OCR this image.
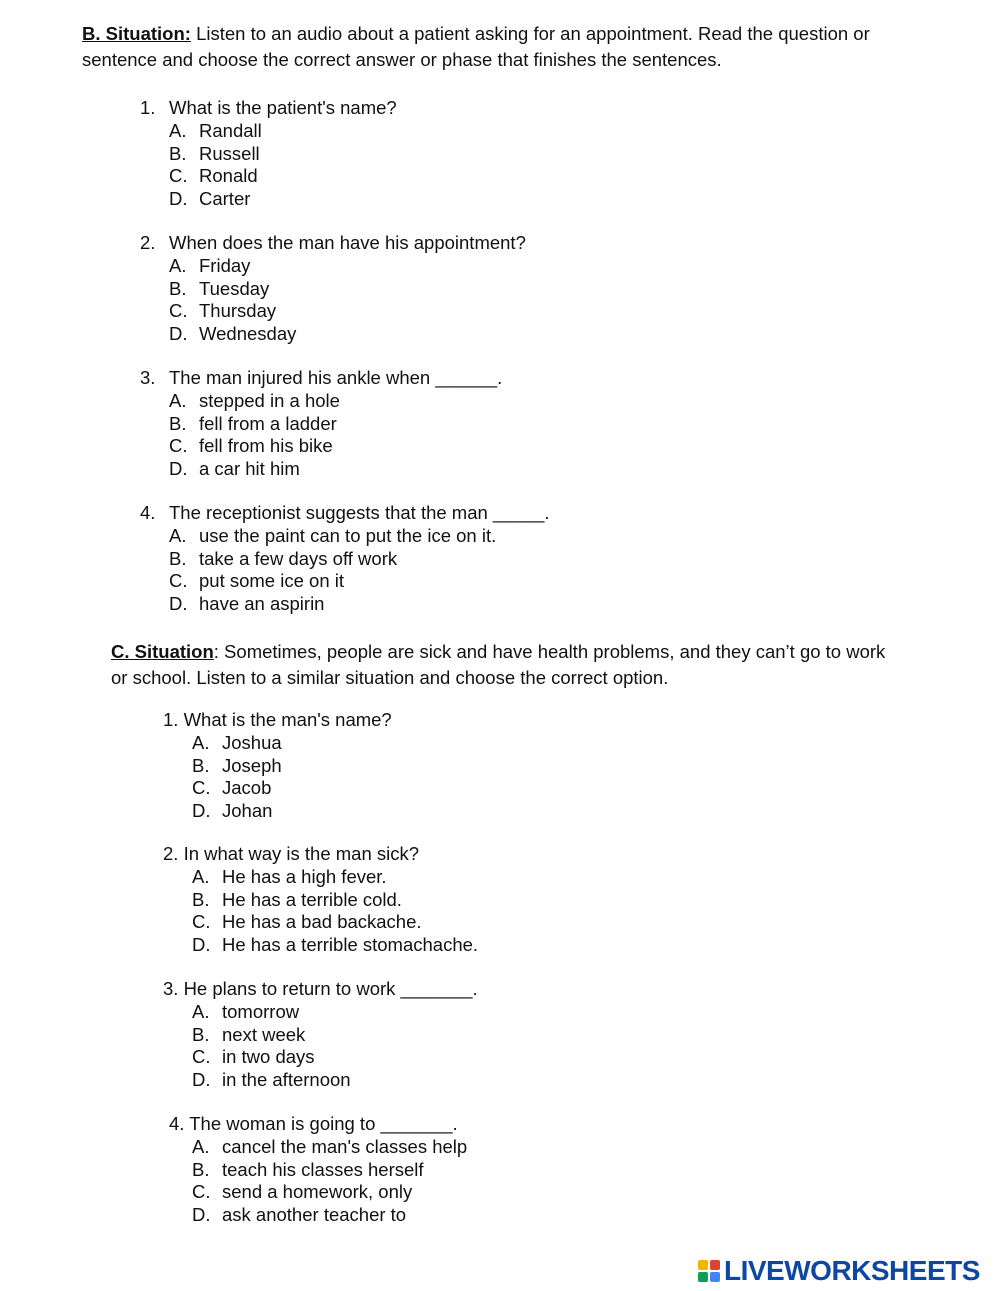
B. Situation: Listen to an audio about a patient asking for an appointment. Read the question or
sentence and choose the correct answer or phase that finishes the sentences.
1. What is the patient's name?
A. Randall
B. Russell
C. Ronald
D. Carter
2. When does the man have his appointment?
A. Friday
B. Tuesday
C. Thursday
D. Wednesday
3. The man injured his ankle when ______.
A. stepped in a hole
B. fell from a ladder
C. fell from his bike
D. a car hit him
4. The receptionist suggests that the man _____.
A. use the paint can to put the ice on it.
B. take a few days off work
C. put some ice on it
D. have an aspirin
C. Situation: Sometimes, people are sick and have health problems, and they can’t go to work
or school. Listen to a similar situation and choose the correct option.
1. What is the man's name?
A. Joshua
B. Joseph
C. Jacob
D. Johan
2. In what way is the man sick?
A. He has a high fever.
B. He has a terrible cold.
C. He has a bad backache.
D. He has a terrible stomachache.
3. He plans to return to work _______.
A. tomorrow
B. next week
C. in two days
D. in the afternoon
4. The woman is going to _______.
A. cancel the man's classes help
B. teach his classes herself
C. send a homework, only
D. ask another teacher to
LIVEWORKSHEETS
